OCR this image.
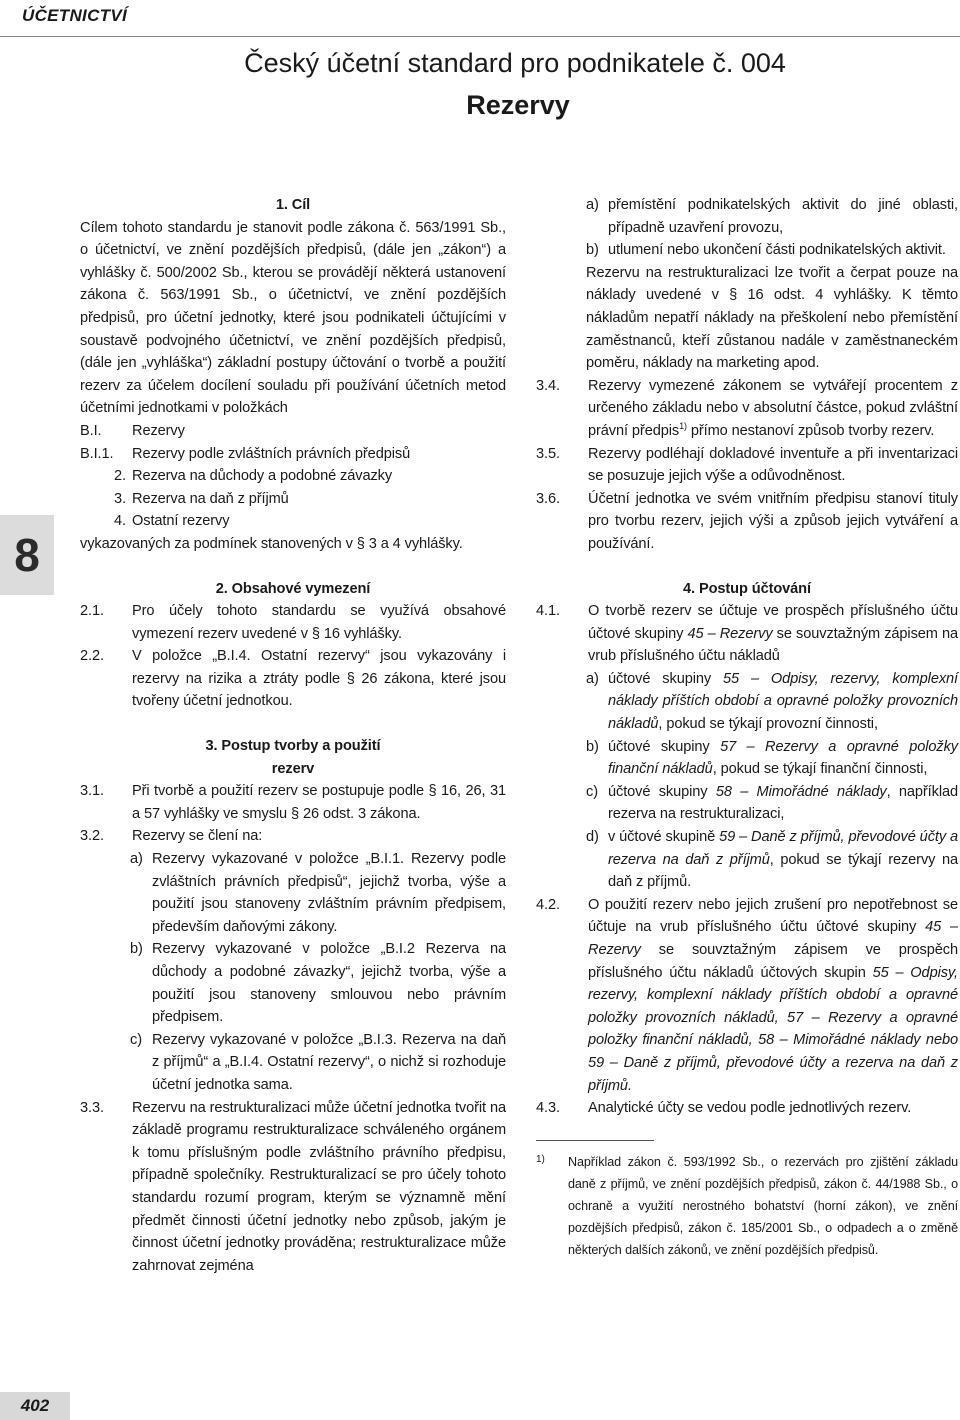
ÚČETNICTVÍ
Český účetní standard pro podnikatele č. 004
Rezervy
8
1. Cíl
Cílem tohoto standardu je stanovit podle zákona č. 563/1991 Sb., o účetnictví, ve znění pozdějších předpisů, (dále jen „zákon“) a vyhlášky č. 500/2002 Sb., kterou se provádějí některá ustanovení zákona č. 563/1991 Sb., o účetnictví, ve znění pozdějších předpisů, pro účetní jednotky, které jsou podnikateli účtujícími v soustavě podvojného účetnictví, ve znění pozdějších předpisů, (dále jen „vyhláška“) základní postupy účtování o tvorbě a použití rezerv za účelem docílení souladu při používání účetních metod účetními jednotkami v položkách
B.I.	Rezervy
B.I.1.	Rezervy podle zvláštních právních předpisů
2. Rezerva na důchody a podobné závazky
3. Rezerva na daň z příjmů
4. Ostatní rezervy
vykazovaných za podmínek stanovených v § 3 a 4 vyhlášky.
2. Obsahové vymezení
2.1.	Pro účely tohoto standardu se využívá obsahové vymezení rezerv uvedené v § 16 vyhlášky.
2.2.	V položce „B.I.4. Ostatní rezervy“ jsou vykazovány i rezervy na rizika a ztráty podle § 26 zákona, které jsou tvořeny účetní jednotkou.
3. Postup tvorby a použití
rezerv
3.1.	Při tvorbě a použití rezerv se postupuje podle § 16, 26, 31 a 57 vyhlášky ve smyslu § 26 odst. 3 zákona.
3.2.	Rezervy se člení na:
a) Rezervy vykazované v položce „B.I.1. Rezervy podle zvláštních právních předpisů“, jejichž tvorba, výše a použití jsou stanoveny zvláštním právním předpisem, především daňovými zákony.
b) Rezervy vykazované v položce „B.I.2 Rezerva na důchody a podobné závazky“, jejichž tvorba, výše a použití jsou stanoveny smlouvou nebo právním předpisem.
c) Rezervy vykazované v položce „B.I.3. Rezerva na daň z příjmů“ a „B.I.4. Ostatní rezervy“, o nichž si rozhoduje účetní jednotka sama.
3.3.	Rezervu na restrukturalizaci může účetní jednotka tvořit na základě programu restrukturalizace schváleného orgánem k tomu příslušným podle zvláštního právního předpisu, případně společníky. Restrukturalizací se pro účely tohoto standardu rozumí program, kterým se významně mění předmět činnosti účetní jednotky nebo způsob, jakým je činnost účetní jednotky prováděna; restrukturalizace může zahrnovat zejména
a) přemístění podnikatelských aktivit do jiné oblasti, případně uzavření provozu,
b) utlumení nebo ukončení části podnikatelských aktivit.
Rezervu na restrukturalizaci lze tvořit a čerpat pouze na náklady uvedené v § 16 odst. 4 vyhlášky. K těmto nákladům nepatří náklady na přeškolení nebo přemístění zaměstnanců, kteří zůstanou nadále v zaměstnaneckém poměru, náklady na marketing apod.
3.4.	Rezervy vymezené zákonem se vytvářejí procentem z určeného základu nebo v absolutní částce, pokud zvláštní právní předpis$^{1)}$ přímo nestanoví způsob tvorby rezerv.
3.5.	Rezervy podléhají dokladové inventuře a při inventarizaci se posuzuje jejich výše a odůvodněnost.
3.6.	Účetní jednotka ve svém vnitřním předpisu stanoví tituly pro tvorbu rezerv, jejich výši a způsob jejich vytváření a používání.
4. Postup účtování
4.1.	O tvorbě rezerv se účtuje ve prospěch příslušného účtu účtové skupiny 45 – Rezervy se souvztažným zápisem na vrub příslušného účtu nákladů
a) účtové skupiny 55 – Odpisy, rezervy, komplexní náklady příštích období a opravné položky provozních nákladů, pokud se týkají provozní činnosti,
b) účtové skupiny 57 – Rezervy a opravné položky finanční nákladů, pokud se týkají finanční činnosti,
c) účtové skupiny 58 – Mimořádné náklady, například rezerva na restrukturalizaci,
d) v účtové skupině 59 – Daně z příjmů, převodové účty a rezerva na daň z příjmů, pokud se týkají rezervy na daň z příjmů.
4.2.	O použití rezerv nebo jejich zrušení pro nepotřebnost se účtuje na vrub příslušného účtu účtové skupiny 45 – Rezervy se souvztažným zápisem ve prospěch příslušného účtu nákladů účtových skupin 55 – Odpisy, rezervy, komplexní náklady příštích období a opravné položky provozních nákladů, 57 – Rezervy a opravné položky finanční nákladů, 58 – Mimořádné náklady nebo 59 – Daně z příjmů, převodové účty a rezerva na daň z příjmů.
4.3.	Analytické účty se vedou podle jednotlivých rezerv.
1)	Například zákon č. 593/1992 Sb., o rezervách pro zjištění základu daně z příjmů, ve znění pozdějších předpisů, zákon č. 44/1988 Sb., o ochraně a využití nerostného bohatství (horní zákon), ve znění pozdějších předpisů, zákon č. 185/2001 Sb., o odpadech a o změně některých dalších zákonů, ve znění pozdějších předpisů.
402
